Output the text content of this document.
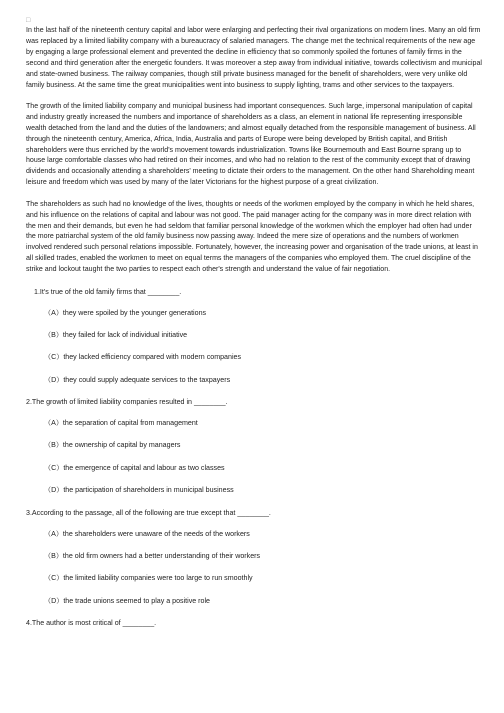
□

In the last half of the nineteenth century capital and labor were enlarging and perfecting their rival organizations on modern lines. Many an old firm was replaced by a limited liability company with a bureaucracy of salaried managers. The change met the technical requirements of the new age by engaging a large professional element and prevented the decline in efficiency that so commonly spoiled the fortunes of family firms in the second and third generation after the energetic founders. It was moreover a step away from individual initiative, towards collectivism and municipal and state-owned business. The railway companies, though still private business managed for the benefit of shareholders, were very unlike old family business. At the same time the great municipalities went into business to supply lighting, trams and other services to the taxpayers.

The growth of the limited liability company and municipal business had important consequences. Such large, impersonal manipulation of capital and industry greatly increased the numbers and importance of shareholders as a class, an element in national life representing irresponsible wealth detached from the land and the duties of the landowners; and almost equally detached from the responsible management of business. All through the nineteenth century, America, Africa, India, Australia and parts of Europe were being developed by British capital, and British shareholders were thus enriched by the world's movement towards industrialization. Towns like Bournemouth and East Bourne sprang up to house large comfortable classes who had retired on their incomes, and who had no relation to the rest of the community except that of drawing dividends and occasionally attending a shareholders' meeting to dictate their orders to the management. On the other hand Shareholding meant leisure and freedom which was used by many of the later Victorians for the highest purpose of a great civilization.

The shareholders as such had no knowledge of the lives, thoughts or needs of the workmen employed by the company in which he held shares, and his influence on the relations of capital and labour was not good. The paid manager acting for the company was in more direct relation with the men and their demands, but even he had seldom that familiar personal knowledge of the workmen which the employer had often had under the more patriarchal system of the old family business now passing away. Indeed the mere size of operations and the numbers of workmen involved rendered such personal relations impossible. Fortunately, however, the increasing power and organisation of the trade unions, at least in all skilled trades, enabled the workmen to meet on equal terms the managers of the companies who employed them. The cruel discipline of the strike and lockout taught the two parties to respect each other's strength and understand the value of fair negotiation.

1.It's true of the old family firms that ________.
（A）they were spoiled by the younger generations
（B）they failed for lack of individual initiative
（C）they lacked efficiency compared with modern companies
（D）they could supply adequate services to the taxpayers
2.The growth of limited liability companies resulted in ________.
（A）the separation of capital from management
（B）the ownership of capital by managers
（C）the emergence of capital and labour as two classes
（D）the participation of shareholders in municipal business
3.According to the passage, all of the following are true except that ________.
（A）the shareholders were unaware of the needs of the workers
（B）the old firm owners had a better understanding of their workers
（C）the limited liability companies were too large to run smoothly
（D）the trade unions seemed to play a positive role
4.The author is most critical of ________.
